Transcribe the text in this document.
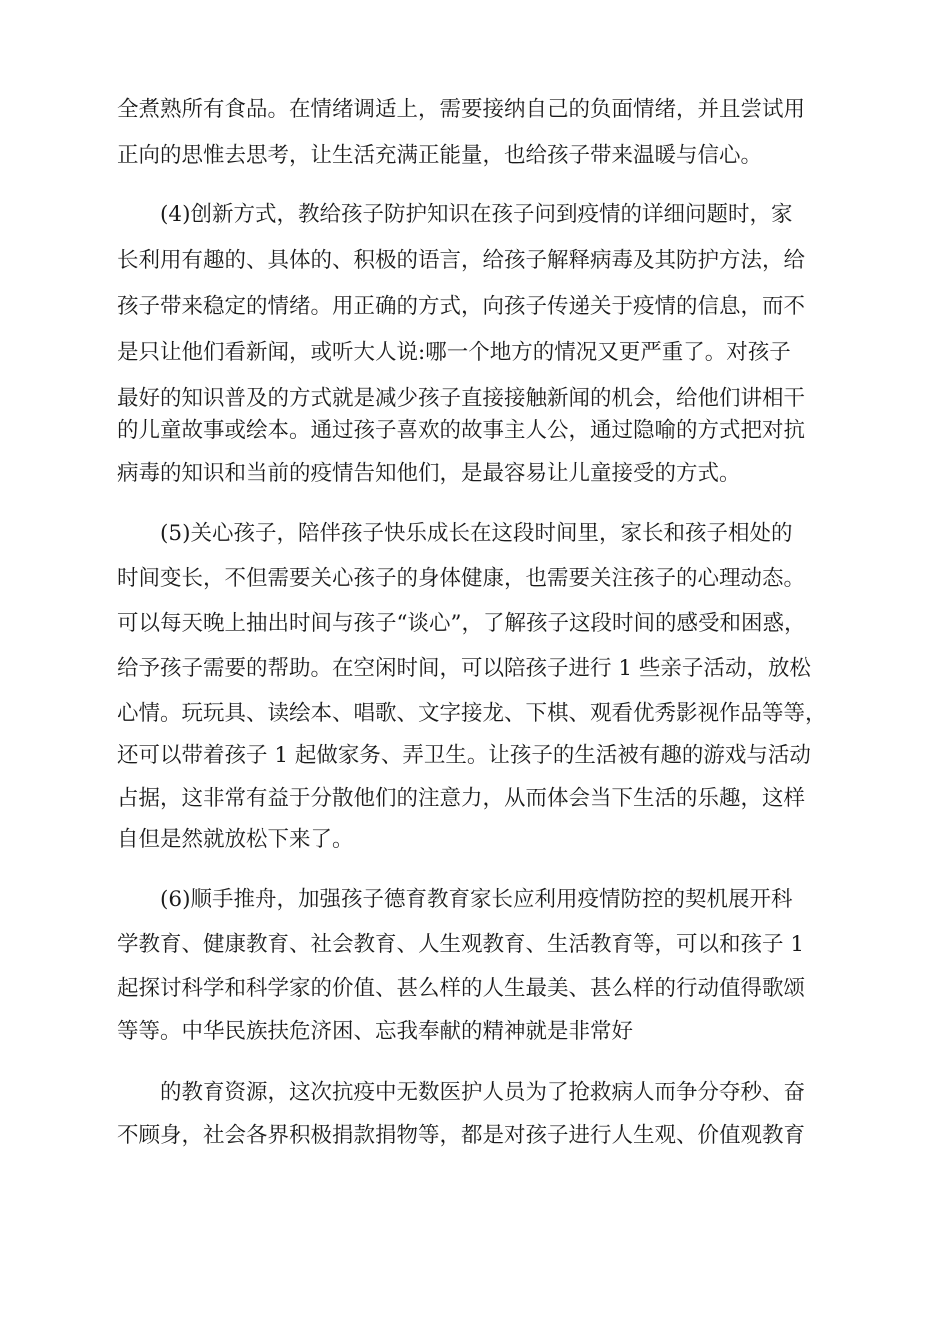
全煮熟所有食品。在情绪调适上，需要接纳自己的负面情绪，并且尝试用
正向的思惟去思考，让生活充满正能量，也给孩子带来温暖与信心。
(4)创新方式，教给孩子防护知识在孩子问到疫情的详细问题时，家
长利用有趣的、具体的、积极的语言，给孩子解释病毒及其防护方法，给
孩子带来稳定的情绪。用正确的方式，向孩子传递关于疫情的信息，而不
是只让他们看新闻，或听大人说:哪一个地方的情况又更严重了。对孩子
最好的知识普及的方式就是减少孩子直接接触新闻的机会，给他们讲相干
的儿童故事或绘本。通过孩子喜欢的故事主人公，通过隐喻的方式把对抗
病毒的知识和当前的疫情告知他们，是最容易让儿童接受的方式。
(5)关心孩子，陪伴孩子快乐成长在这段时间里，家长和孩子相处的
时间变长，不但需要关心孩子的身体健康，也需要关注孩子的心理动态。
可以每天晚上抽出时间与孩子“谈心”，了解孩子这段时间的感受和困惑，
给予孩子需要的帮助。在空闲时间，可以陪孩子进行 1 些亲子活动，放松
心情。玩玩具、读绘本、唱歌、文字接龙、下棋、观看优秀影视作品等等，
还可以带着孩子 1 起做家务、弄卫生。让孩子的生活被有趣的游戏与活动
占据，这非常有益于分散他们的注意力，从而体会当下生活的乐趣，这样
自但是然就放松下来了。
(6)顺手推舟，加强孩子德育教育家长应利用疫情防控的契机展开科
学教育、健康教育、社会教育、人生观教育、生活教育等，可以和孩子 1
起探讨科学和科学家的价值、甚么样的人生最美、甚么样的行动值得歌颂
等等。中华民族扶危济困、忘我奉献的精神就是非常好
的教育资源，这次抗疫中无数医护人员为了抢救病人而争分夺秒、奋
不顾身，社会各界积极捐款捐物等，都是对孩子进行人生观、价值观教育
